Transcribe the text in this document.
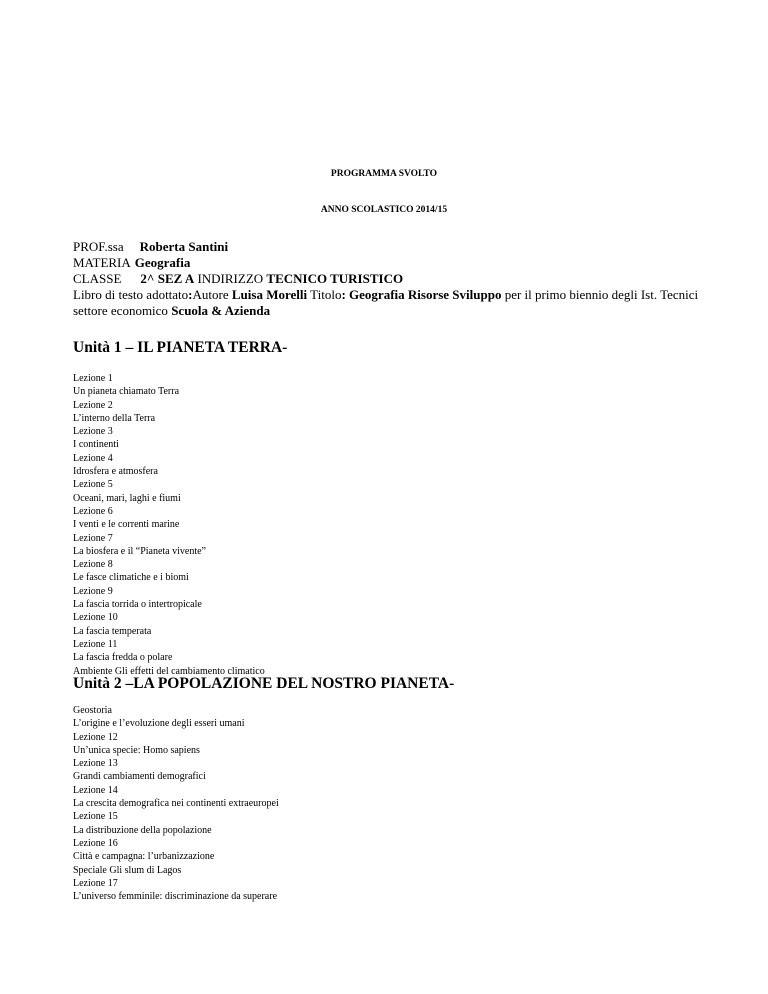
PROGRAMMA SVOLTO
ANNO SCOLASTICO 2014/15
PROF.ssa Roberta Santini
MATERIA Geografia
CLASSE 2^ SEZ A INDIRIZZO TECNICO TURISTICO
Libro di testo adottato:Autore Luisa Morelli Titolo: Geografia Risorse Sviluppo per il primo biennio degli Ist. Tecnici settore economico Scuola & Azienda
Unità 1 – IL PIANETA TERRA-
Lezione 1
Un pianeta chiamato Terra
Lezione 2
L’interno della Terra
Lezione 3
I continenti
Lezione 4
Idrosfera e atmosfera
Lezione 5
Oceani, mari, laghi e fiumi
Lezione 6
I venti e le correnti marine
Lezione 7
La biosfera e il “Pianeta vivente”
Lezione 8
Le fasce climatiche e i biomi
Lezione 9
La fascia torrida o intertropicale
Lezione 10
La fascia temperata
Lezione 11
La fascia fredda o polare
Ambiente Gli effetti del cambiamento climatico
Unità 2 –LA POPOLAZIONE DEL NOSTRO PIANETA-
Geostoria
L’origine e l’evoluzione degli esseri umani
Lezione 12
Un’unica specie: Homo sapiens
Lezione 13
Grandi cambiamenti demografici
Lezione 14
La crescita demografica nei continenti extraeuropei
Lezione 15
La distribuzione della popolazione
Lezione 16
Città e campagna: l’urbanizzazione
Speciale Gli slum di Lagos
Lezione 17
L’universo femminile: discriminazione da superare
